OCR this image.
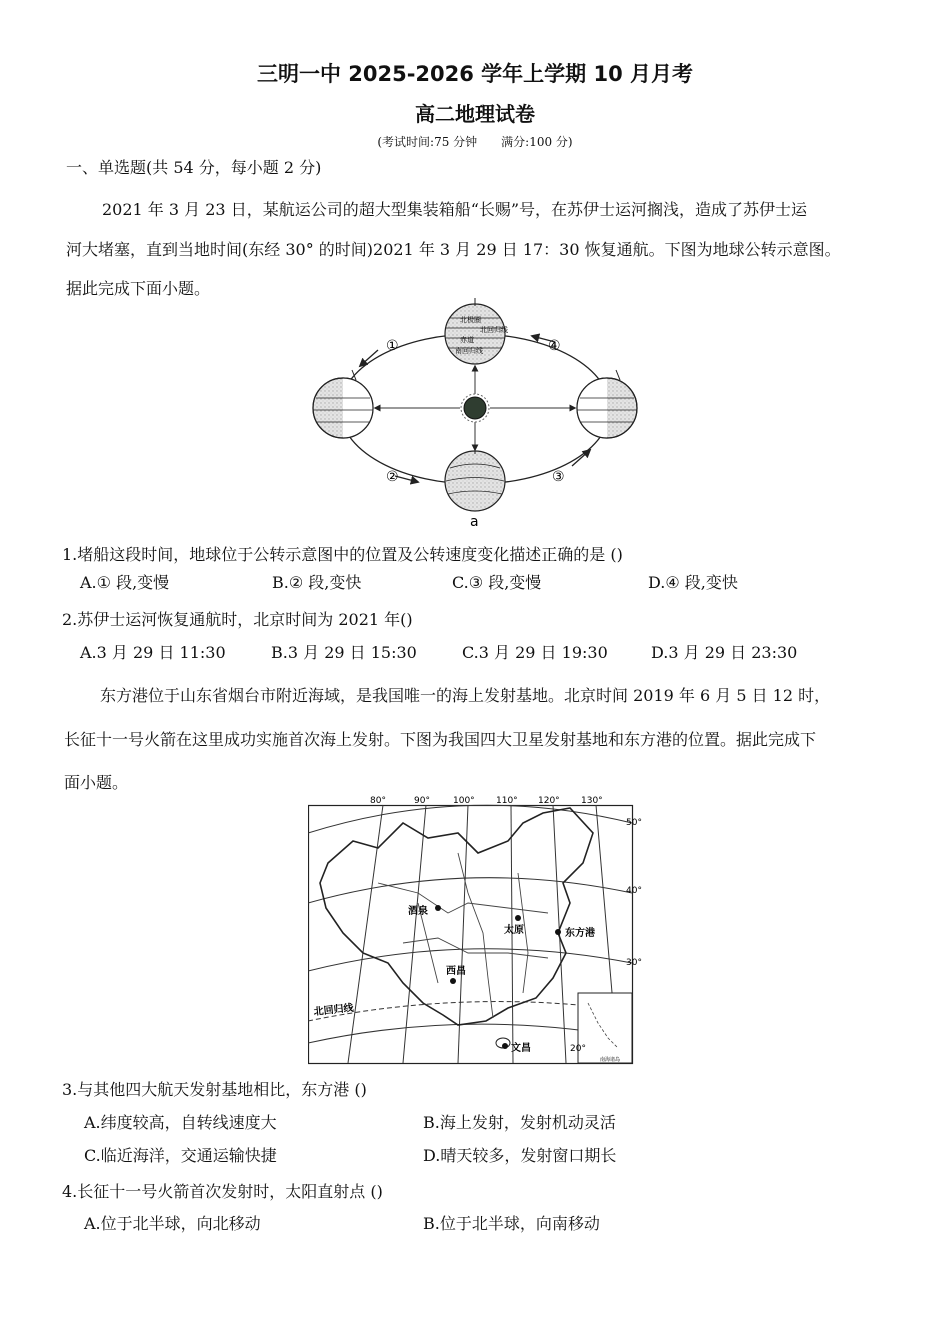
三明一中 2025-2026 学年上学期 10 月月考
高二地理试卷
(考试时间:75 分钟　　满分:100 分)
一、单选题(共 54 分，每小题 2 分)
2021 年 3 月 23 日，某航运公司的超大型集装箱船“长赐”号，在苏伊士运河搁浅，造成了苏伊士运
河大堵塞，直到当地时间(东经 30° 的时间)2021 年 3 月 29 日 17：30 恢复通航。下图为地球公转示意图。
据此完成下面小题。
北极圈
北回归线
赤道
南回归线
①
②	③
④
a
1.堵船这段时间，地球位于公转示意图中的位置及公转速度变化描述正确的是 ()
A.① 段,变慢	B.② 段,变快	C.③ 段,变慢	D.④ 段,变快
2.苏伊士运河恢复通航时，北京时间为 2021 年()
A.3 月 29 日 11:30	B.3 月 29 日 15:30	C.3 月 29 日 19:30	D.3 月 29 日 23:30
东方港位于山东省烟台市附近海域，是我国唯一的海上发射基地。北京时间 2019 年 6 月 5 日 12 时，
长征十一号火箭在这里成功实施首次海上发射。下图为我国四大卫星发射基地和东方港的位置。据此完成下
面小题。
80°	90°	100° 110° 120° 130°
50°
40°
30°
20°
酒泉
太原	东方港
西昌
文昌
北回归线
南海诸岛
3.与其他四大航天发射基地相比，东方港 ()
A.纬度较高，自转线速度大	B.海上发射，发射机动灵活
C.临近海洋，交通运输快捷	D.晴天较多，发射窗口期长
4.长征十一号火箭首次发射时，太阳直射点 ()
A.位于北半球，向北移动	B.位于北半球，向南移动
